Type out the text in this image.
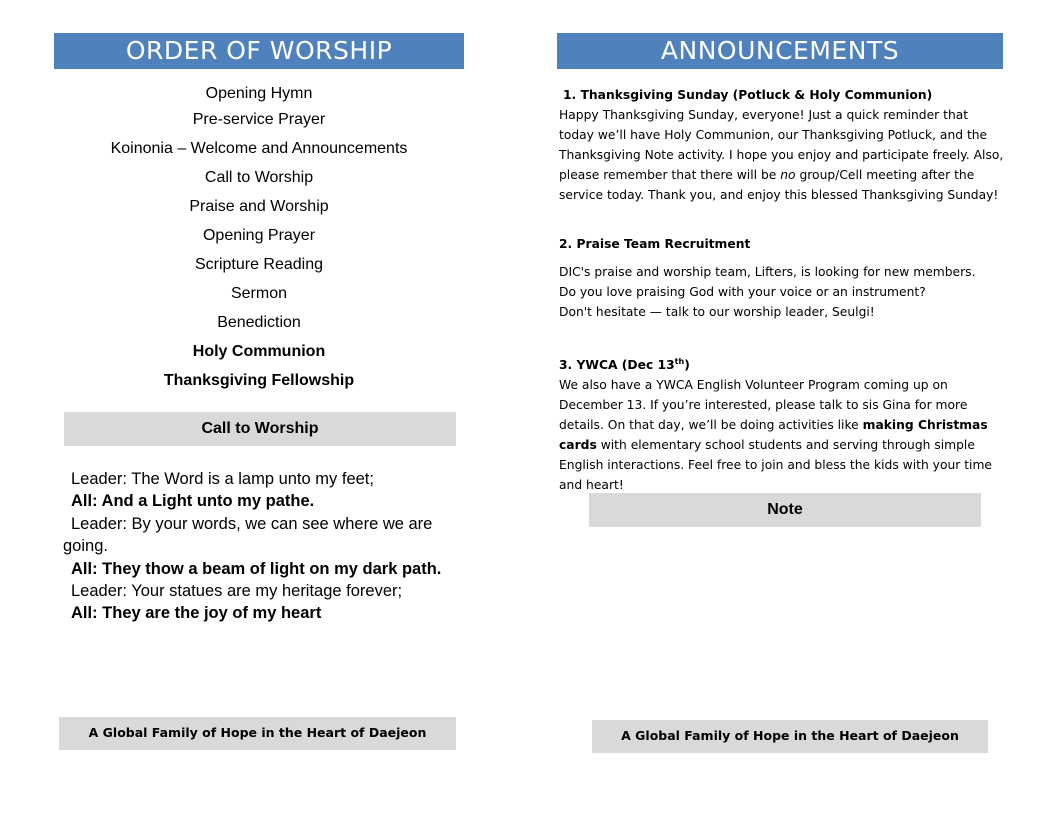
ORDER OF WORSHIP
Opening Hymn
Pre-service Prayer
Koinonia – Welcome and Announcements
Call to Worship
Praise and Worship
Opening Prayer
Scripture Reading
Sermon
Benediction
Holy Communion
Thanksgiving Fellowship
Call to Worship
Leader: The Word is a lamp unto my feet;
All: And a Light unto my pathe.
Leader: By your words, we can see where we are going.
All: They thow a beam of light on my dark path.
Leader: Your statues are my heritage forever;
All: They are the joy of my heart
A Global Family of Hope in the Heart of Daejeon
ANNOUNCEMENTS
1. Thanksgiving Sunday (Potluck & Holy Communion)

Happy Thanksgiving Sunday, everyone! Just a quick reminder that today we’ll have Holy Communion, our Thanksgiving Potluck, and the Thanksgiving Note activity. I hope you enjoy and participate freely. Also, please remember that there will be no group/Cell meeting after the service today. Thank you, and enjoy this blessed Thanksgiving Sunday!

2. Praise Team Recruitment

DIC's praise and worship team, Lifters, is looking for new members.

Do you love praising God with your voice or an instrument?

Don't hesitate — talk to our worship leader, Seulgi!

3. YWCA (Dec 13th)

We also have a YWCA English Volunteer Program coming up on December 13. If you’re interested, please talk to sis Gina for more details. On that day, we’ll be doing activities like making Christmas cards with elementary school students and serving through simple English interactions. Feel free to join and bless the kids with your time and heart!

Note
A Global Family of Hope in the Heart of Daejeon
